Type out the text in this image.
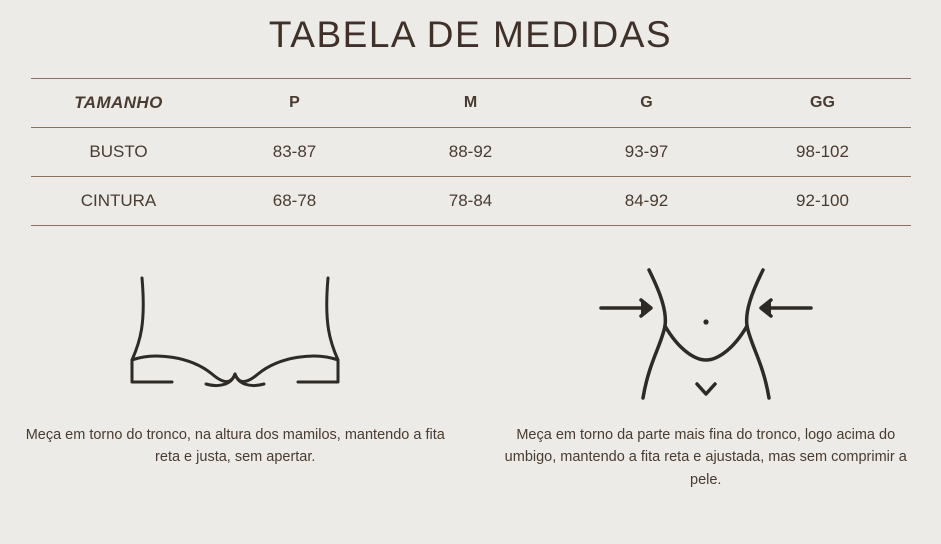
TABELA DE MEDIDAS
TAMANHO	P	M	G	GG
BUSTO	83-87	88-92	93-97	98-102
CINTURA	68-78	78-84	84-92	92-100
Meça em torno do tronco, na altura dos mamilos, mantendo a fita reta e justa, sem apertar.
Meça em torno da parte mais fina do tronco, logo acima do umbigo, mantendo a fita reta e ajustada, mas sem comprimir a pele.
